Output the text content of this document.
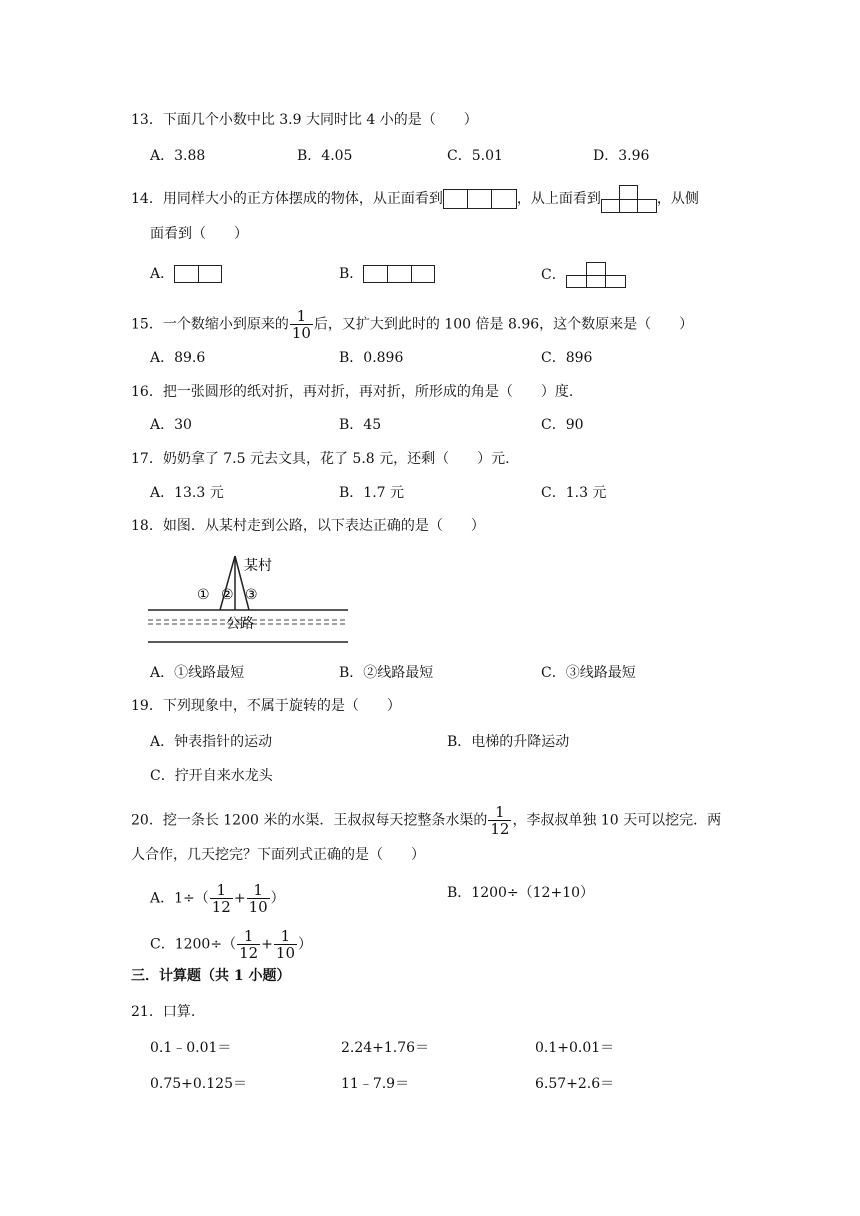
13．下面几个小数中比 3.9 大同时比 4 小的是（　　）
A．3.88	B．4.05	C．5.01	D．3.96
14．用同样大小的正方体摆成的物体，从正面看到	，从上面看到	，从侧
面看到（　　）
A．	B．	C．
15．一个数缩小到原来的 $\frac{1}{10}$ 后，又扩大到此时的 100 倍是 8.96，这个数原来是（　　）
A．89.6	B．0.896	C．896
16．把一张圆形的纸对折，再对折，再对折，所形成的角是（　　）度.
A．30	B．45	C．90
17．奶奶拿了 7.5 元去文具，花了 5.8 元，还剩（　　）元.
A．13.3 元	B．1.7 元	C．1.3 元
18．如图．从某村走到公路，以下表达正确的是（　　）
某村
① ② ③
公路
A．①线路最短	B．②线路最短	C．③线路最短
19．下列现象中，不属于旋转的是（　　）
A．钟表指针的运动	B．电梯的升降运动
C．拧开自来水龙头
20．挖一条长 1200 米的水渠．王叔叔每天挖整条水渠的 $\frac{1}{12}$ ，李叔叔单独 10 天可以挖完．两
人合作，几天挖完？下面列式正确的是（　　）
A．$1\div( \frac{1}{12} + \frac{1}{10}$ ）	B．1200÷（12+10）
C．$1200\div( \frac{1}{12} + \frac{1}{10}$ ）
三．计算题（共 1 小题）
21．口算.
0.1﹣0.01＝	2.24+1.76＝	0.1+0.01＝
0.75+0.125＝	11﹣7.9＝	6.57+2.6＝
